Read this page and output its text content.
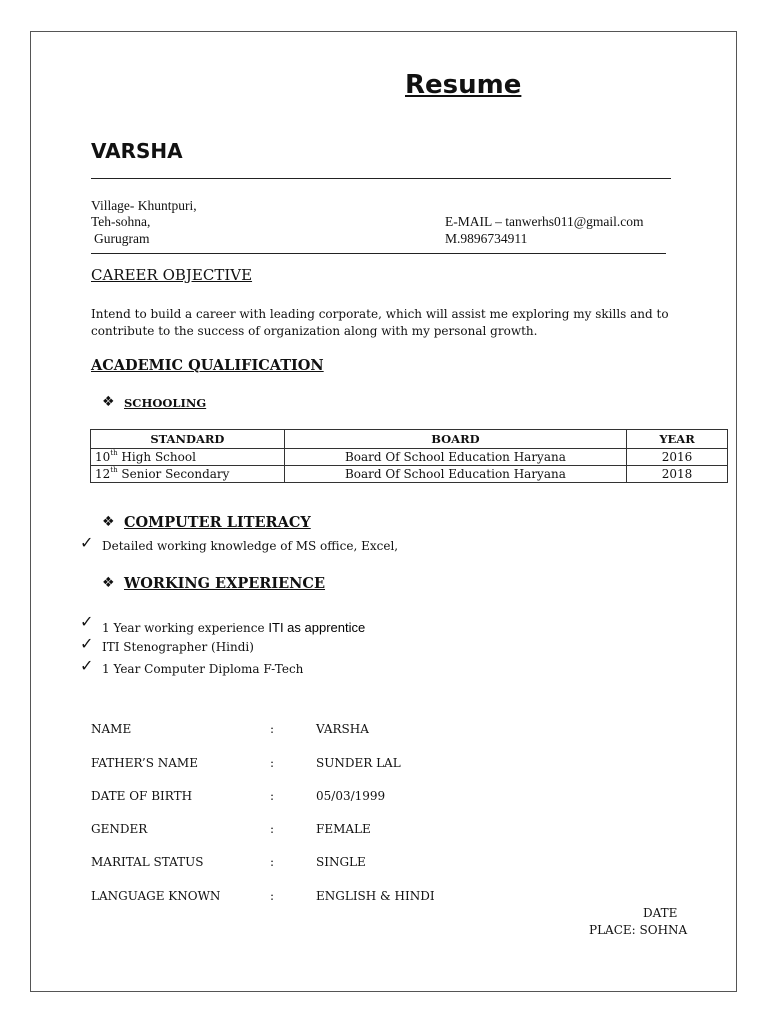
Resume
VARSHA
Village- Khuntpuri,
Teh-sohna,
Gurugram
E-MAIL – tanwerhs011@gmail.com
M.9896734911
CAREER OBJECTIVE
Intend to build a career with leading corporate, which will assist me exploring my skills and to
contribute to the success of organization along with my personal growth.
ACADEMIC QUALIFICATION
❖ SCHOOLING
STANDARD	BOARD	YEAR
10th High School	Board Of School Education Haryana	2016
12th Senior Secondary	Board Of School Education Haryana	2018
❖ COMPUTER LITERACY
✓ Detailed working knowledge of MS office, Excel,
❖ WORKING EXPERIENCE
✓ 1 Year working experience ITI as apprentice
✓ ITI Stenographer (Hindi)
✓ 1 Year Computer Diploma F-Tech
NAME	:	VARSHA
FATHER’S NAME	:	SUNDER LAL
DATE OF BIRTH	:	05/03/1999
GENDER	:	FEMALE
MARITAL STATUS	:	SINGLE
LANGUAGE KNOWN	:	ENGLISH & HINDI
DATE
PLACE: SOHNA
